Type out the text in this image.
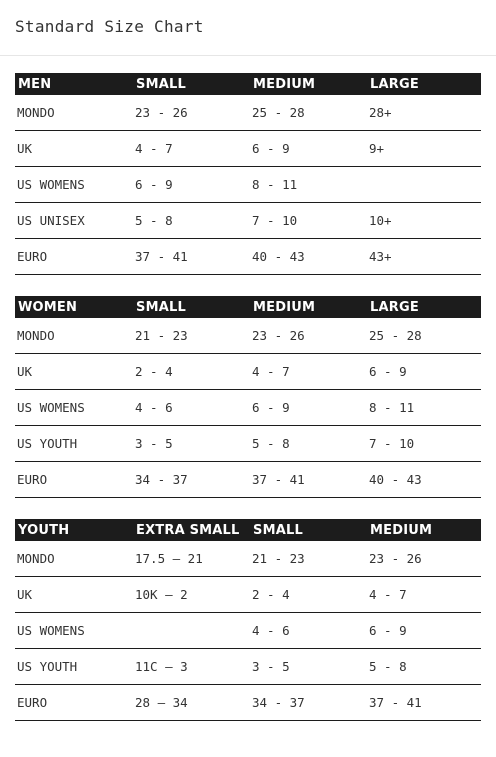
Standard Size Chart
MEN	SMALL	MEDIUM	LARGE
MONDO	23 - 26	25 - 28	28+
UK	4 - 7	6 - 9	9+
US WOMENS	6 - 9	8 - 11	
US UNISEX	5 - 8	7 - 10	10+
EURO	37 - 41	40 - 43	43+
WOMEN	SMALL	MEDIUM	LARGE
MONDO	21 - 23	23 - 26	25 - 28
UK	2 - 4	4 - 7	6 - 9
US WOMENS	4 - 6	6 - 9	8 - 11
US YOUTH	3 - 5	5 - 8	7 - 10
EURO	34 - 37	37 - 41	40 - 43
YOUTH	EXTRA SMALL	SMALL	MEDIUM
MONDO	17.5 — 21	21 - 23	23 - 26
UK	10K — 2	2 - 4	4 - 7
US WOMENS		4 - 6	6 - 9
US YOUTH	11C — 3	3 - 5	5 - 8
EURO	28 — 34	34 - 37	37 - 41
